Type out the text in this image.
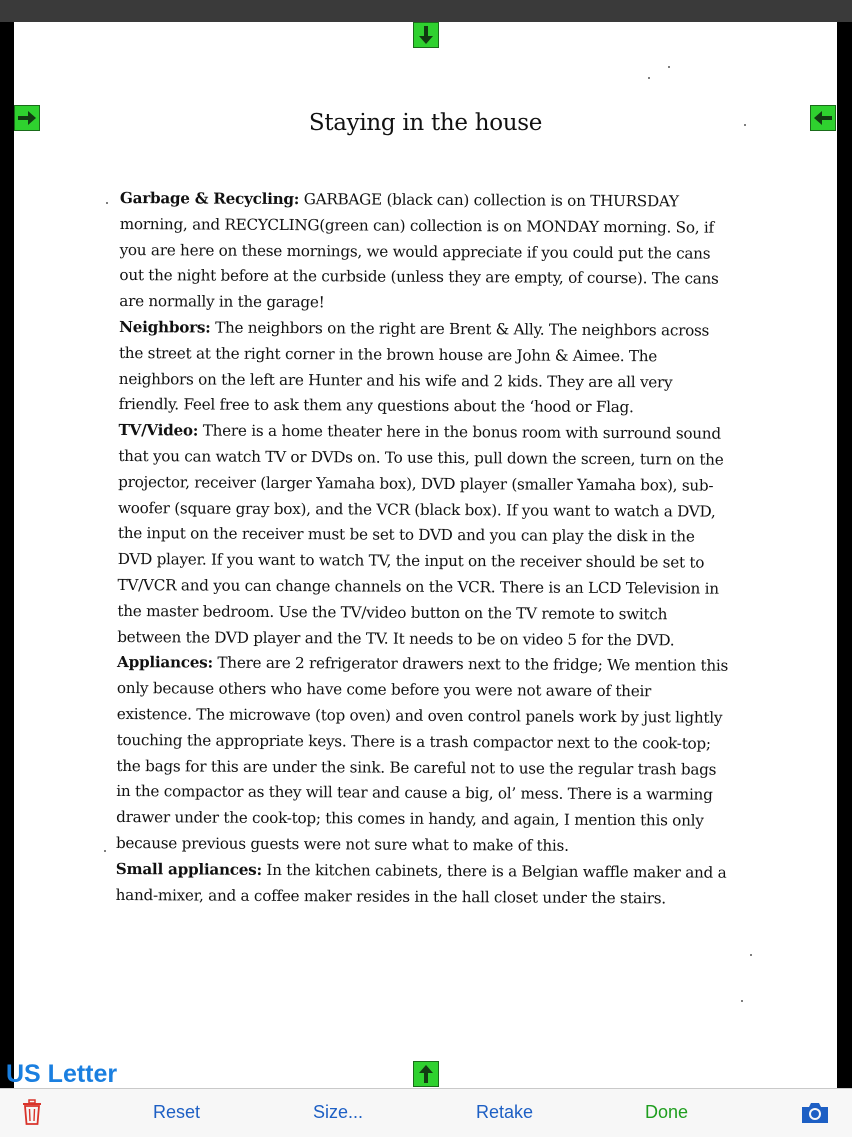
Staying in the house

Garbage & Recycling: GARBAGE (black can) collection is on THURSDAY morning, and RECYCLING(green can) collection is on MONDAY morning. So, if you are here on these mornings, we would appreciate if you could put the cans out the night before at the curbside (unless they are empty, of course). The cans are normally in the garage!

Neighbors: The neighbors on the right are Brent & Ally. The neighbors across the street at the right corner in the brown house are John & Aimee. The neighbors on the left are Hunter and his wife and 2 kids. They are all very friendly. Feel free to ask them any questions about the ‘hood or Flag.

TV/Video: There is a home theater here in the bonus room with surround sound that you can watch TV or DVDs on. To use this, pull down the screen, turn on the projector, receiver (larger Yamaha box), DVD player (smaller Yamaha box), sub-woofer (square gray box), and the VCR (black box). If you want to watch a DVD, the input on the receiver must be set to DVD and you can play the disk in the DVD player. If you want to watch TV, the input on the receiver should be set to TV/VCR and you can change channels on the VCR. There is an LCD Television in the master bedroom. Use the TV/video button on the TV remote to switch between the DVD player and the TV. It needs to be on video 5 for the DVD.

Appliances: There are 2 refrigerator drawers next to the fridge; We mention this only because others who have come before you were not aware of their existence. The microwave (top oven) and oven control panels work by just lightly touching the appropriate keys. There is a trash compactor next to the cook-top; the bags for this are under the sink. Be careful not to use the regular trash bags in the compactor as they will tear and cause a big, ol’ mess. There is a warming drawer under the cook-top; this comes in handy, and again, I mention this only because previous guests were not sure what to make of this.

Small appliances: In the kitchen cabinets, there is a Belgian waffle maker and a hand-mixer, and a coffee maker resides in the hall closet under the stairs.

US Letter
Reset	Size...	Retake	Done
